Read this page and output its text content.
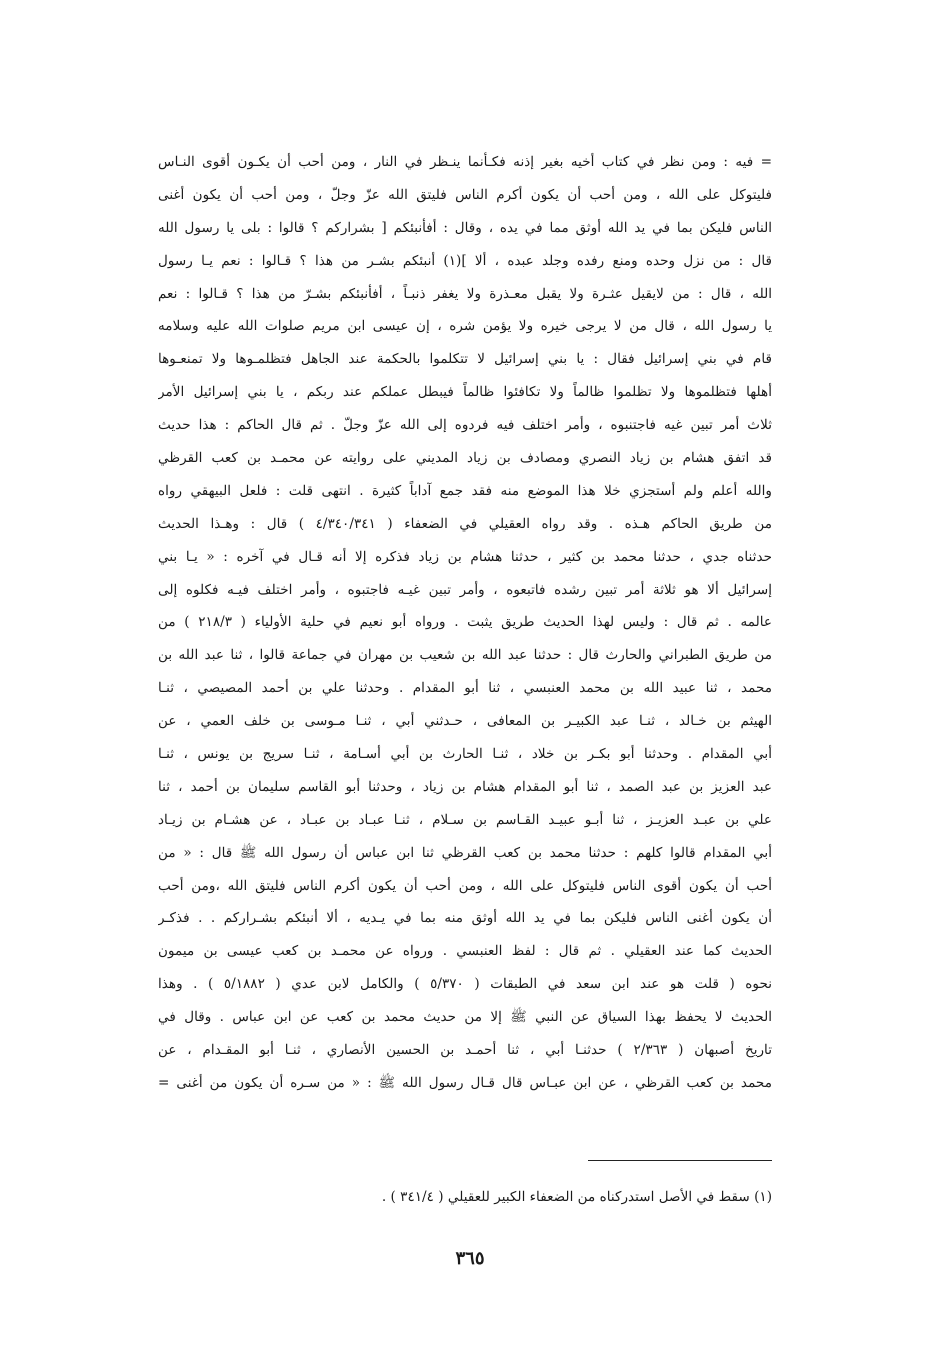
= فيه : ومن نظر في كتاب أخيه بغير إذنه فكـأنما ينـظر في النار ، ومن أحب أن يكـون أقوى النـاس
فليتوكل على الله ، ومن أحب أن يكون أكرم الناس فليتق الله عزّ وجلّ ، ومن أحب أن يكون أغنى
الناس فليكن بما في يد الله أوثق مما في يده ، وقال : أفأنبئكم [ بشراركم ؟ قالوا : بلى يا رسول الله
قال : من نزل وحده ومنع رفده وجلد عبده ، ألا ](١) أنبئكم بشـر من هذا ؟ قـالوا : نعم يـا رسول
الله ، قال : من لايقيل عثـرة ولا يقبل معـذرة ولا يغفر ذنبـاً ، أفأنبئكم بشـرّ من هذا ؟ قـالوا : نعم
يا رسول الله ، قال من لا يرجى خيره ولا يؤمن شره ، إن عيسى ابن مريم صلوات الله عليه وسلامه
قام في بني إسرائيل فقال : يا بني إسرائيل لا تتكلموا بالحكمة عند الجاهل فتظلمـوها ولا تمنعـوها
أهلها فتظلموها ولا تظلموا ظالماً ولا تكافئوا ظالماً فيبطل عملكم عند ربكم ، يا بني إسرائيل الأمر
ثلاث أمر تبين غيه فاجتنبوه ، وأمر اختلف فيه فردوه إلى الله عزّ وجلّ . ثم قال الحاكم : هذا حديث
قد اتفق هشام بن زياد النصري ومصادف بن زياد المديني على روايته عن محمـد بن كعب القرظي
والله أعلم ولم أستجزي خلا هذا الموضع منه فقد جمع آداباً كثيرة . انتهى قلت : فلعل البيهقي رواه
من طريق الحاكم هـذه . وقد رواه العقيلي في الضعفاء ( ٤/٣٤٠/٣٤١ ) قال : وهـذا الحديث
حدثناه جدي ، حدثنا محمد بن كثير ، حدثنا هشام بن زياد فذكره إلا أنه قـال في آخره : « يـا بني
إسرائيل ألا هو ثلاثة أمر تبين رشده فاتبعوه ، وأمر تبين غيـه فاجتبوه ، وأمر اختلف فيـه فكلوه إلى
عالمه . ثم قال : وليس لهذا الحديث طريق يثبت . ورواه أبو نعيم في حلية الأولياء ( ٢١٨/٣ ) من
من طريق الطبراني والحارث قال : حدثنا عبد الله بن شعيب بن مهران في جماعة قالوا ، ثنا عبد الله بن
محمد ، ثنا عبيد الله بن محمد العنبسي ، ثنا أبو المقدام . وحدثنا علي بن أحمد المصيصي ، ثنـا
الهيثم بن خـالد ، ثنـا عبد الكبيـر بن المعافى ، حـدثني أبي ، ثنـا مـوسى بن خلف العمي ، عن
أبي المقدام . وحدثنا أبو بكـر بن خلاد ، ثنـا الحارث بن أبي أسـامة ، ثنـا سريج بن يونس ، ثنـا
عبد العزيز بن عبد الصمد ، ثنا أبو المقدام هشام بن زياد ، وحدثنا أبو القاسم سليمان بن أحمد ، ثنا
علي بن عبـد العزيـز ، ثنا أبـو عبيـد القـاسم بن سـلام ، ثنـا عبـاد بن عبـاد ، عن هشـام بن زيـاد
أبي المقدام قالوا كلهم : حدثنا محمد بن كعب القرظي ثنا ابن عباس أن رسول الله ﷺ قال : « من
أحب أن يكون أقوى الناس فليتوكل على الله ، ومن أحب أن يكون أكرم الناس فليتق الله ،ومن أحب
أن يكون أغنى الناس فليكن بما في يد الله أوثق منه بما في يـديه ، ألا أنبئكم بشـراركم . . فذكـر
الحديث كما عند العقيلي . ثم قال : لفظ العنبسي . ورواه عن محمـد بن كعب عيسى بن ميمون
نحوه ( قلت هو عند ابن سعد في الطبقات ( ٥/٣٧٠ ) والكامل لابن عدي ( ٥/١٨٨٢ ) . وهذا
الحديث لا يحفظ بهذا السياق عن النبي ﷺ إلا من حديث محمد بن كعب عن ابن عباس . وقال في
تاريخ أصبهان ( ٢/٣٦٣ ) حدثنـا أبي ، ثنا أحمـد بن الحسين الأنصاري ، ثنـا أبو المقـدام ، عن
محمد بن كعب القرظي ، عن ابن عبـاس قال قـال رسول الله ﷺ : « من سـره أن يكون من أغنى =
(١) سقط في الأصل استدركناه من الضعفاء الكبير للعقيلي ( ٣٤١/٤ ) .
٣٦٥
